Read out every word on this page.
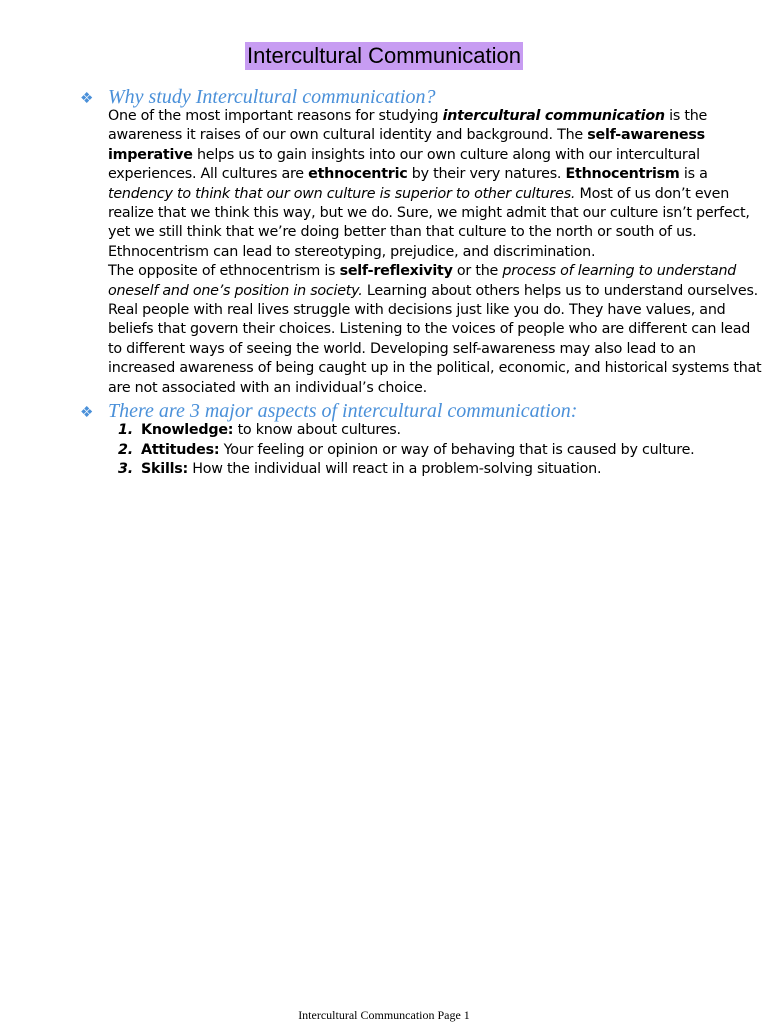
Intercultural Communication
❖ Why study Intercultural communication?

One of the most important reasons for studying intercultural communication is the awareness it raises of our own cultural identity and background. The self-awareness imperative helps us to gain insights into our own culture along with our intercultural experiences. All cultures are ethnocentric by their very natures. Ethnocentrism is a tendency to think that our own culture is superior to other cultures. Most of us don’t even realize that we think this way, but we do. Sure, we might admit that our culture isn’t perfect, yet we still think that we’re doing better than that culture to the north or south of us. Ethnocentrism can lead to stereotyping, prejudice, and discrimination.

The opposite of ethnocentrism is self-reflexivity or the process of learning to understand oneself and one’s position in society. Learning about others helps us to understand ourselves. Real people with real lives struggle with decisions just like you do. They have values, and beliefs that govern their choices. Listening to the voices of people who are different can lead to different ways of seeing the world. Developing self-awareness may also lead to an increased awareness of being caught up in the political, economic, and historical systems that are not associated with an individual’s choice.

❖ There are 3 major aspects of intercultural communication:
1. Knowledge: to know about cultures.
2. Attitudes: Your feeling or opinion or way of behaving that is caused by culture.
3. Skills: How the individual will react in a problem-solving situation.
Intercultural Communcation Page 1
